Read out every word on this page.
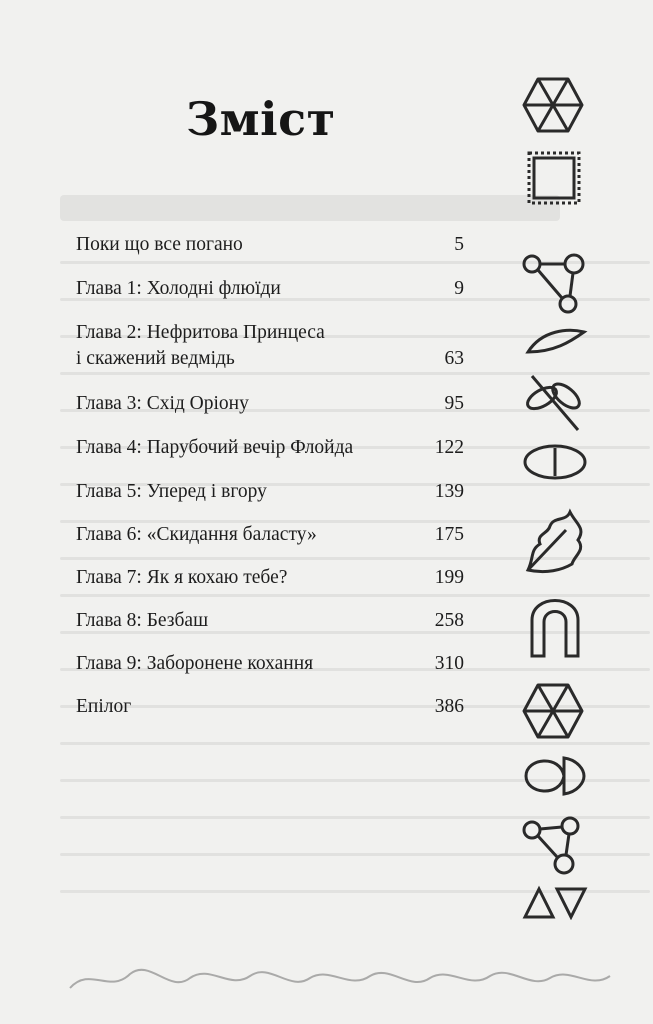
Зміст
Поки що все погано	5
Глава 1: Холодні флюїди	9
Глава 2: Нефритова Принцеса
і скажений ведмідь	63
Глава 3: Схід Оріону	95
Глава 4: Парубочий вечір Флойда	122
Глава 5: Уперед і вгору	139
Глава 6: «Скидання баласту»	175
Глава 7: Як я кохаю тебе?	199
Глава 8: Безбаш	258
Глава 9: Заборонене кохання	310
Епілог	386
